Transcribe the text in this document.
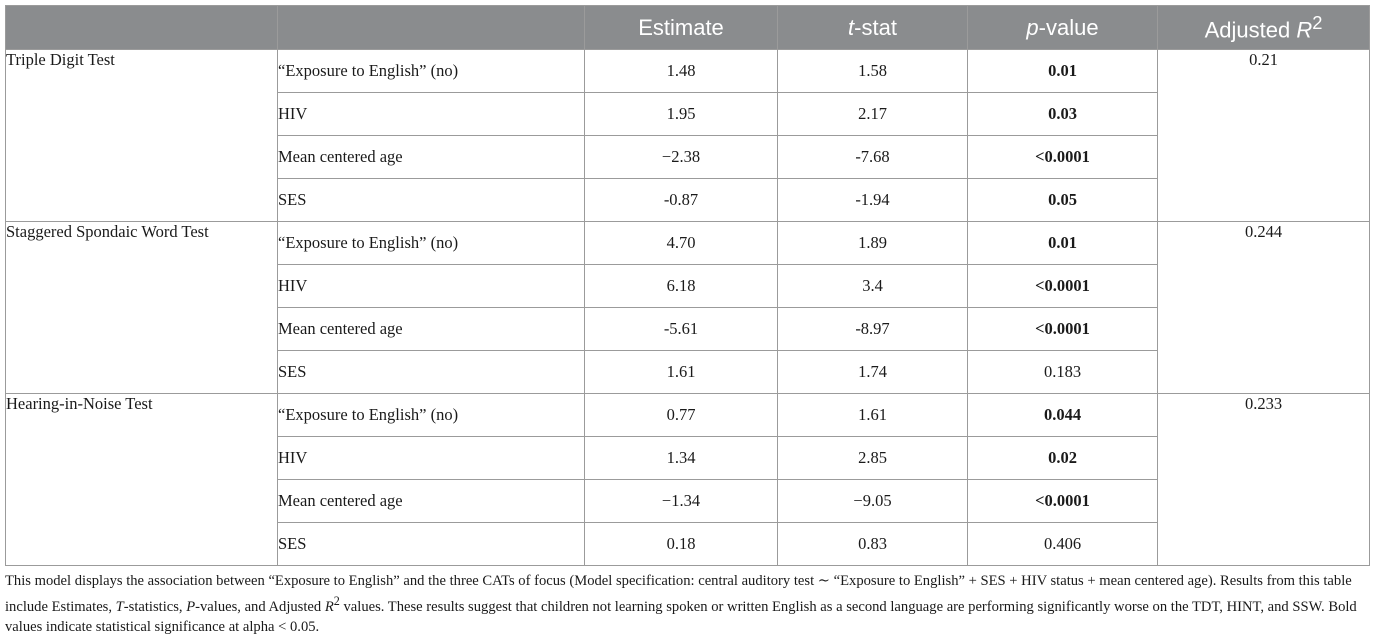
		Estimate	t-stat	p-value	Adjusted $R^2$
Triple Digit Test	“Exposure to English” (no)	1.48	1.58	0.01	0.21
	HIV	1.95	2.17	0.03	
	Mean centered age	−2.38	-7.68	<0.0001	
	SES	-0.87	-1.94	0.05	
Staggered Spondaic Word Test	“Exposure to English” (no)	4.70	1.89	0.01	0.244
	HIV	6.18	3.4	<0.0001	
	Mean centered age	-5.61	-8.97	<0.0001	
	SES	1.61	1.74	0.183	
Hearing-in-Noise Test	“Exposure to English” (no)	0.77	1.61	0.044	0.233
	HIV	1.34	2.85	0.02	
	Mean centered age	−1.34	−9.05	<0.0001	
	SES	0.18	0.83	0.406	

This model displays the association between “Exposure to English” and the three CATs of focus (Model specification: central auditory test ∼ “Exposure to English” + SES + HIV status + mean centered age). Results from this table include Estimates, T-statistics, P-values, and Adjusted $R^2$ values. These results suggest that children not learning spoken or written English as a second language are performing significantly worse on the TDT, HINT, and SSW. Bold values indicate statistical significance at alpha < 0.05.
